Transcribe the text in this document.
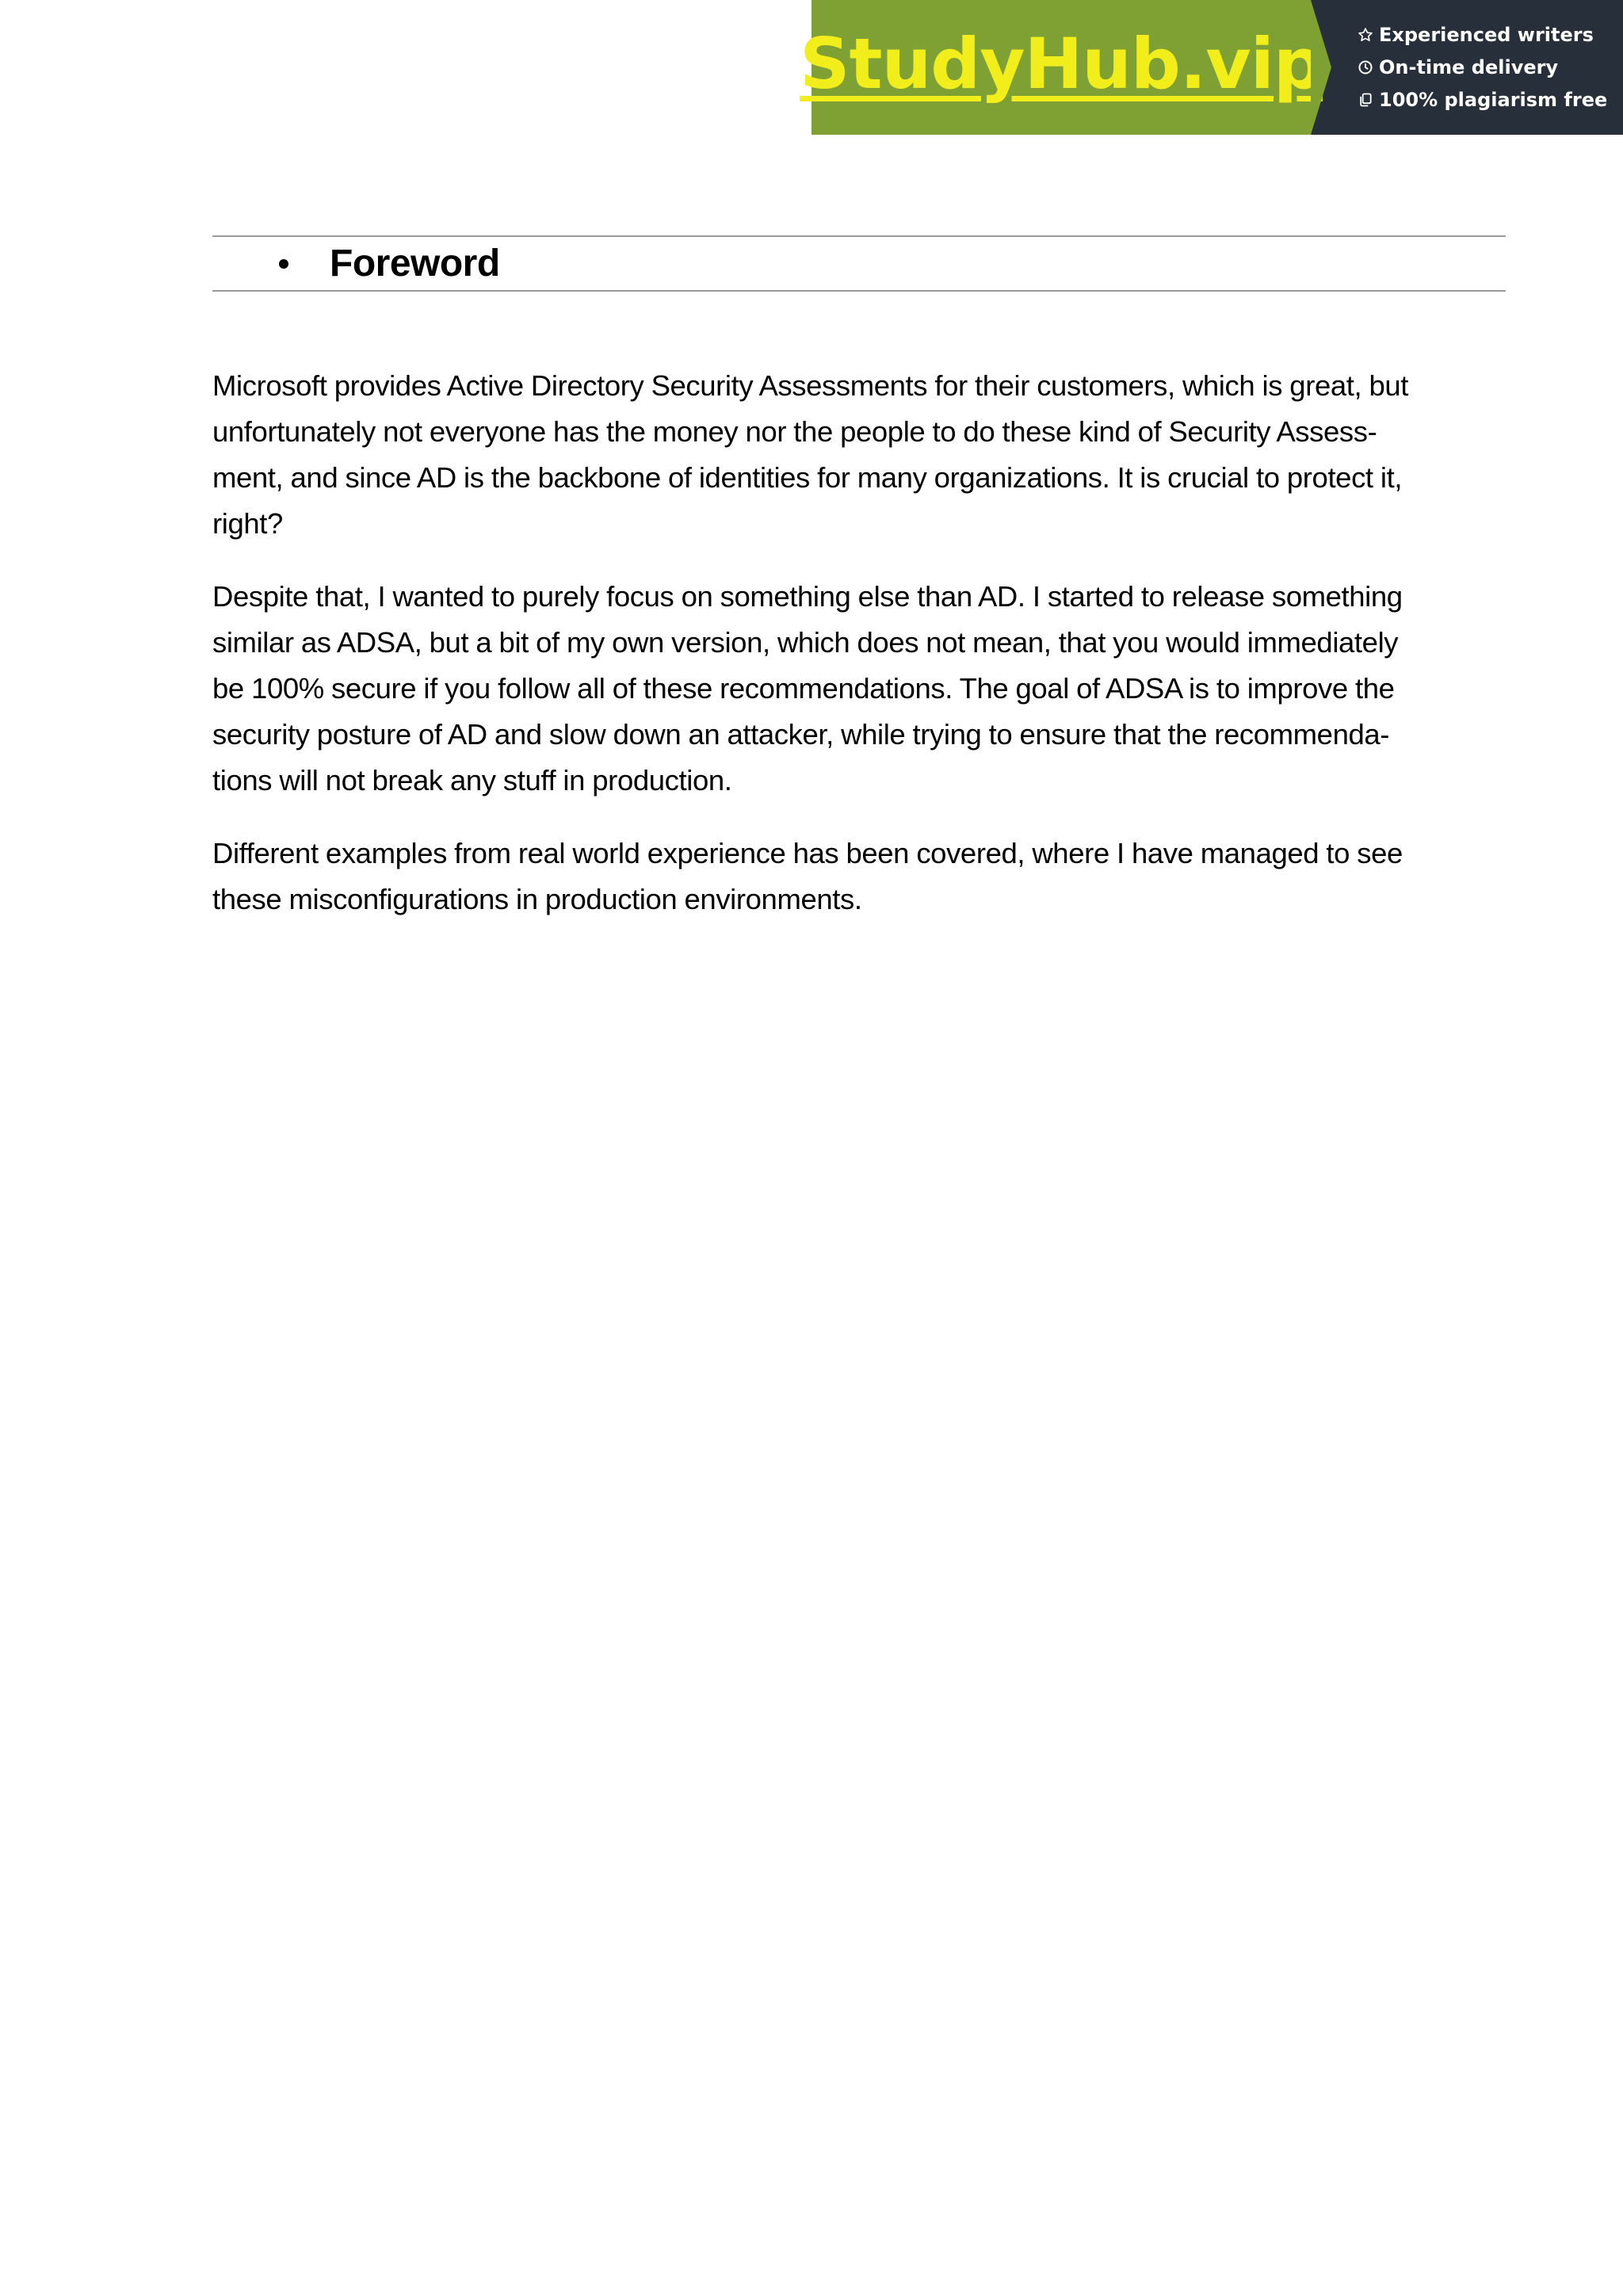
StudyHub.vip	Experienced writers
On-time delivery
100% plagiarism free
Foreword

Microsoft provides Active Directory Security Assessments for their customers, which is great, but
unfortunately not everyone has the money nor the people to do these kind of Security Assess-
ment, and since AD is the backbone of identities for many organizations. It is crucial to protect it,
right?

Despite that, I wanted to purely focus on something else than AD. I started to release something
similar as ADSA, but a bit of my own version, which does not mean, that you would immediately
be 100% secure if you follow all of these recommendations. The goal of ADSA is to improve the
security posture of AD and slow down an attacker, while trying to ensure that the recommenda-
tions will not break any stuff in production.

Different examples from real world experience has been covered, where I have managed to see
these misconfigurations in production environments.
